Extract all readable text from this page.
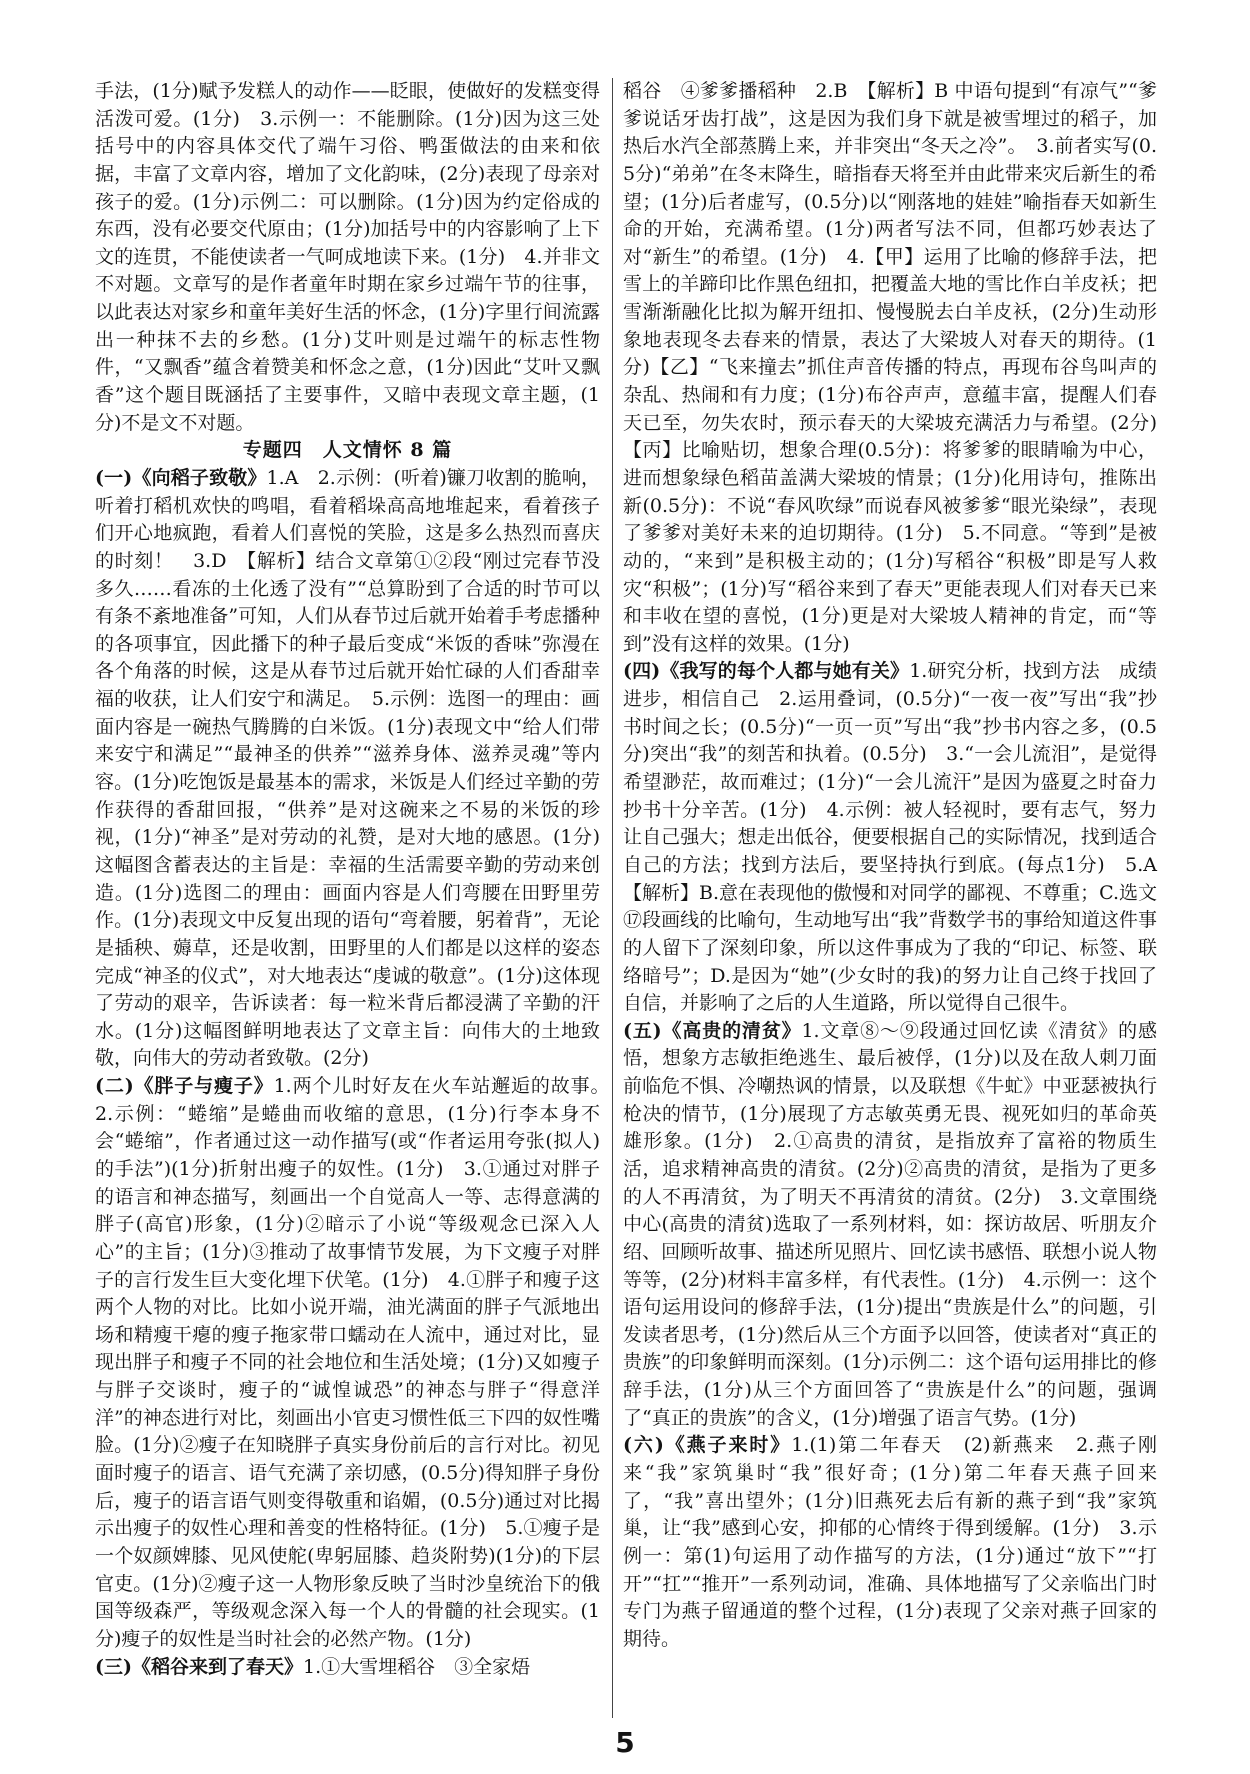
手法，(1分)赋予发糕人的动作——眨眼，使做好的发糕变得活泼可爱。(1分)　3.示例一：不能删除。(1分)因为这三处括号中的内容具体交代了端午习俗、鸭蛋做法的由来和依据，丰富了文章内容，增加了文化韵味，(2分)表现了母亲对孩子的爱。(1分)示例二：可以删除。(1分)因为约定俗成的东西，没有必要交代原由；(1分)加括号中的内容影响了上下文的连贯，不能使读者一气呵成地读下来。(1分)　4.并非文不对题。文章写的是作者童年时期在家乡过端午节的往事，以此表达对家乡和童年美好生活的怀念，(1分)字里行间流露出一种抹不去的乡愁。(1分)艾叶则是过端午的标志性物件，“又飘香”蕴含着赞美和怀念之意，(1分)因此“艾叶又飘香”这个题目既涵括了主要事件，又暗中表现文章主题，(1分)不是文不对题。

专题四　人文情怀 8 篇

(一)《向稻子致敬》1.A　2.示例：(听着)镰刀收割的脆响，听着打稻机欢快的鸣唱，看着稻垛高高地堆起来，看着孩子们开心地疯跑，看着人们喜悦的笑脸，这是多么热烈而喜庆的时刻！　3.D　【解析】结合文章第①②段“刚过完春节没多久……看冻的土化透了没有”“总算盼到了合适的时节可以有条不紊地准备”可知，人们从春节过后就开始着手考虑播种的各项事宜，因此播下的种子最后变成“米饭的香味”弥漫在各个角落的时候，这是从春节过后就开始忙碌的人们香甜幸福的收获，让人们安宁和满足。　5.示例：选图一的理由：画面内容是一碗热气腾腾的白米饭。(1分)表现文中“给人们带来安宁和满足”“最神圣的供养”“滋养身体、滋养灵魂”等内容。(1分)吃饱饭是最基本的需求，米饭是人们经过辛勤的劳作获得的香甜回报，“供养”是对这碗来之不易的米饭的珍视，(1分)“神圣”是对劳动的礼赞，是对大地的感恩。(1分)这幅图含蓄表达的主旨是：幸福的生活需要辛勤的劳动来创造。(1分)选图二的理由：画面内容是人们弯腰在田野里劳作。(1分)表现文中反复出现的语句“弯着腰，躬着背”，无论是插秧、薅草，还是收割，田野里的人们都是以这样的姿态完成“神圣的仪式”，对大地表达“虔诚的敬意”。(1分)这体现了劳动的艰辛，告诉读者：每一粒米背后都浸满了辛勤的汗水。(1分)这幅图鲜明地表达了文章主旨：向伟大的土地致敬，向伟大的劳动者致敬。(2分)

(二)《胖子与瘦子》1.两个儿时好友在火车站邂逅的故事。　2.示例：“蜷缩”是蜷曲而收缩的意思，(1分)行李本身不会“蜷缩”，作者通过这一动作描写(或“作者运用夸张(拟人)的手法”)(1分)折射出瘦子的奴性。(1分)　3.①通过对胖子的语言和神态描写，刻画出一个自觉高人一等、志得意满的胖子(高官)形象，(1分)②暗示了小说“等级观念已深入人心”的主旨；(1分)③推动了故事情节发展，为下文瘦子对胖子的言行发生巨大变化埋下伏笔。(1分)　4.①胖子和瘦子这两个人物的对比。比如小说开端，油光满面的胖子气派地出场和精瘦干瘪的瘦子拖家带口蠕动在人流中，通过对比，显现出胖子和瘦子不同的社会地位和生活处境；(1分)又如瘦子与胖子交谈时，瘦子的“诚惶诚恐”的神态与胖子“得意洋洋”的神态进行对比，刻画出小官吏习惯性低三下四的奴性嘴脸。(1分)②瘦子在知晓胖子真实身份前后的言行对比。初见面时瘦子的语言、语气充满了亲切感，(0.5分)得知胖子身份后，瘦子的语言语气则变得敬重和谄媚，(0.5分)通过对比揭示出瘦子的奴性心理和善变的性格特征。(1分)　5.①瘦子是一个奴颜婢膝、见风使舵(卑躬屈膝、趋炎附势)(1分)的下层官吏。(1分)②瘦子这一人物形象反映了当时沙皇统治下的俄国等级森严，等级观念深入每一个人的骨髓的社会现实。(1分)瘦子的奴性是当时社会的必然产物。(1分)

(三)《稻谷来到了春天》1.①大雪埋稻谷　③全家焐

稻谷　④爹爹播稻种　2.B　【解析】B 中语句提到“有凉气”“爹爹说话牙齿打战”，这是因为我们身下就是被雪埋过的稻子，加热后水汽全部蒸腾上来，并非突出“冬天之冷”。　3.前者实写(0.5分)“弟弟”在冬末降生，暗指春天将至并由此带来灾后新生的希望；(1分)后者虚写，(0.5分)以“刚落地的娃娃”喻指春天如新生命的开始，充满希望。(1分)两者写法不同，但都巧妙表达了对“新生”的希望。(1分)　4.【甲】运用了比喻的修辞手法，把雪上的羊蹄印比作黑色纽扣，把覆盖大地的雪比作白羊皮袄；把雪渐渐融化比拟为解开纽扣、慢慢脱去白羊皮袄，(2分)生动形象地表现冬去春来的情景，表达了大梁坡人对春天的期待。(1分)【乙】“飞来撞去”抓住声音传播的特点，再现布谷鸟叫声的杂乱、热闹和有力度；(1分)布谷声声，意蕴丰富，提醒人们春天已至，勿失农时，预示春天的大梁坡充满活力与希望。(2分)【丙】比喻贴切，想象合理(0.5分)：将爹爹的眼睛喻为中心，进而想象绿色稻苗盖满大梁坡的情景；(1分)化用诗句，推陈出新(0.5分)：不说“春风吹绿”而说春风被爹爹“眼光染绿”，表现了爹爹对美好未来的迫切期待。(1分)　5.不同意。“等到”是被动的，“来到”是积极主动的；(1分)写稻谷“积极”即是写人救灾“积极”；(1分)写“稻谷来到了春天”更能表现人们对春天已来和丰收在望的喜悦，(1分)更是对大梁坡人精神的肯定，而“等到”没有这样的效果。(1分)

(四)《我写的每个人都与她有关》1.研究分析，找到方法　成绩进步，相信自己　2.运用叠词，(0.5分)“一夜一夜”写出“我”抄书时间之长；(0.5分)“一页一页”写出“我”抄书内容之多，(0.5分)突出“我”的刻苦和执着。(0.5分)　3.“一会儿流泪”，是觉得希望渺茫，故而难过；(1分)“一会儿流汗”是因为盛夏之时奋力抄书十分辛苦。(1分)　4.示例：被人轻视时，要有志气，努力让自己强大；想走出低谷，便要根据自己的实际情况，找到适合自己的方法；找到方法后，要坚持执行到底。(每点1分)　5.A　【解析】B.意在表现他的傲慢和对同学的鄙视、不尊重；C.选文⑰段画线的比喻句，生动地写出“我”背数学书的事给知道这件事的人留下了深刻印象，所以这件事成为了我的“印记、标签、联络暗号”；D.是因为“她”(少女时的我)的努力让自己终于找回了自信，并影响了之后的人生道路，所以觉得自己很牛。

(五)《高贵的清贫》1.文章⑧～⑨段通过回忆读《清贫》的感悟，想象方志敏拒绝逃生、最后被俘，(1分)以及在敌人刺刀面前临危不惧、冷嘲热讽的情景，以及联想《牛虻》中亚瑟被执行枪决的情节，(1分)展现了方志敏英勇无畏、视死如归的革命英雄形象。(1分)　2.①高贵的清贫，是指放弃了富裕的物质生活，追求精神高贵的清贫。(2分)②高贵的清贫，是指为了更多的人不再清贫，为了明天不再清贫的清贫。(2分)　3.文章围绕中心(高贵的清贫)选取了一系列材料，如：探访故居、听朋友介绍、回顾听故事、描述所见照片、回忆读书感悟、联想小说人物等等，(2分)材料丰富多样，有代表性。(1分)　4.示例一：这个语句运用设问的修辞手法，(1分)提出“贵族是什么”的问题，引发读者思考，(1分)然后从三个方面予以回答，使读者对“真正的贵族”的印象鲜明而深刻。(1分)示例二：这个语句运用排比的修辞手法，(1分)从三个方面回答了“贵族是什么”的问题，强调了“真正的贵族”的含义，(1分)增强了语言气势。(1分)

(六)《燕子来时》1.(1)第二年春天　(2)新燕来　2.燕子刚来“我”家筑巢时“我”很好奇；(1分)第二年春天燕子回来了，“我”喜出望外；(1分)旧燕死去后有新的燕子到“我”家筑巢，让“我”感到心安，抑郁的心情终于得到缓解。(1分)　3.示例一：第(1)句运用了动作描写的方法，(1分)通过“放下”“打开”“扛”“推开”一系列动词，准确、具体地描写了父亲临出门时专门为燕子留通道的整个过程，(1分)表现了父亲对燕子回家的期待。

5
